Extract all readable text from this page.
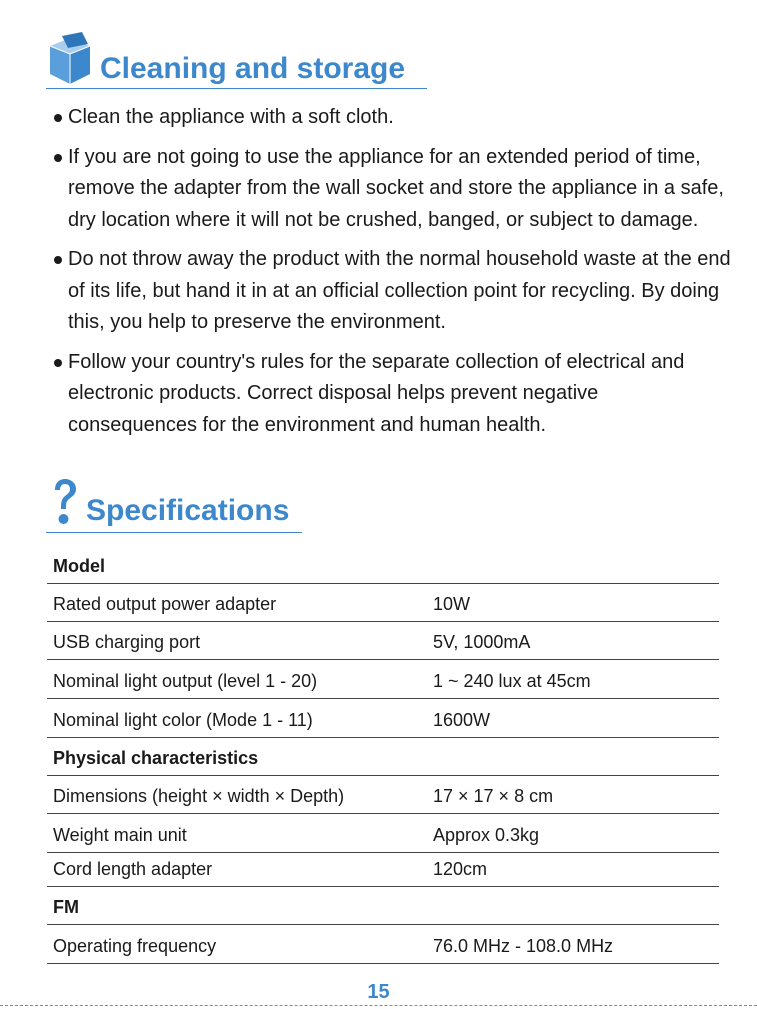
Cleaning and storage
Clean the appliance with a soft cloth.
If you are not going to use the appliance for an extended period of time, remove the adapter from the wall socket and store the appliance in a safe, dry location where it will not be crushed, banged, or subject to damage.
Do not throw away the product with the normal household waste at the end of its life, but hand it in at an official collection point for recycling. By doing this, you help to preserve the environment.
Follow your country's rules for the separate collection of electrical and electronic products. Correct disposal helps prevent negative consequences for the environment and human health.
Specifications
Model
Rated output power adapter	10W
USB charging port	5V, 1000mA
Nominal light output (level 1 - 20)	1 ~ 240 lux at 45cm
Nominal light color (Mode 1 - 11)	1600W
Physical characteristics
Dimensions (height × width × Depth)	17 × 17 × 8 cm
Weight main unit	Approx 0.3kg
Cord length adapter	120cm
FM
Operating frequency	76.0 MHz - 108.0 MHz
15
